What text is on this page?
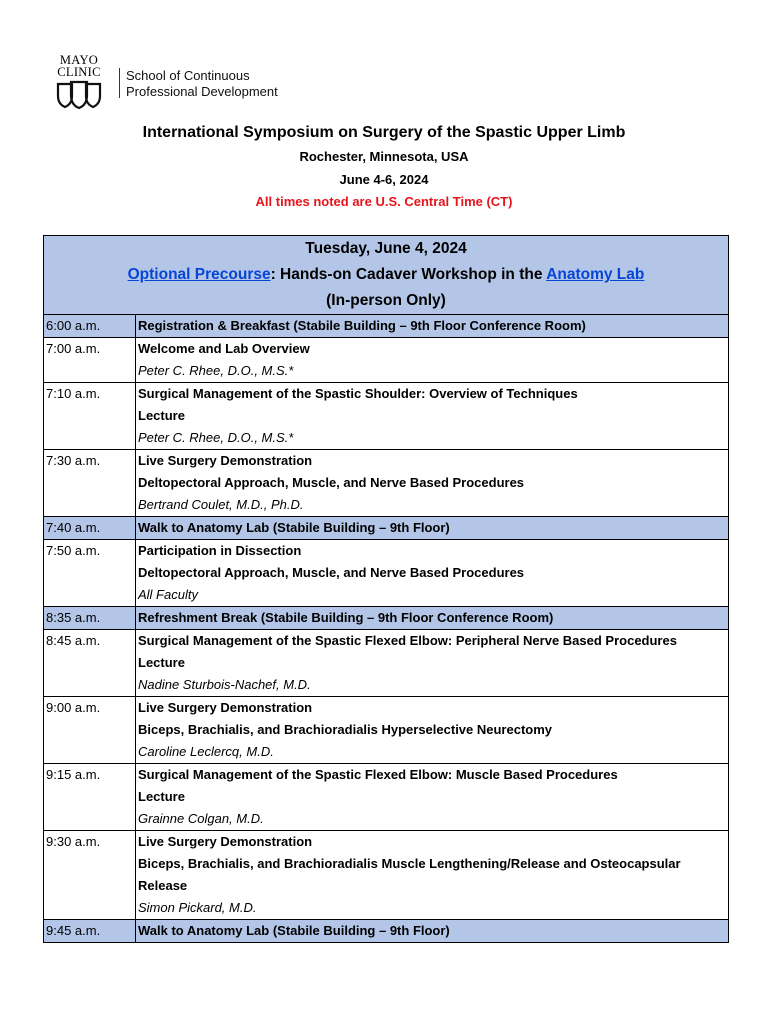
MAYO
CLINIC	School of Continuous
Professional Development
International Symposium on Surgery of the Spastic Upper Limb
Rochester, Minnesota, USA
June 4-6, 2024
All times noted are U.S. Central Time (CT)
Tuesday, June 4, 2024
Optional Precourse: Hands-on Cadaver Workshop in the Anatomy Lab
(In-person Only)	

6:00 a.m.	Registration & Breakfast (Stabile Building – 9th Floor Conference Room)

7:00 a.m.	Welcome and Lab Overview
Peter C. Rhee, D.O., M.S.*

7:10 a.m.	Surgical Management of the Spastic Shoulder: Overview of Techniques
Lecture
Peter C. Rhee, D.O., M.S.*

7:30 a.m.	Live Surgery Demonstration
Deltopectoral Approach, Muscle, and Nerve Based Procedures
Bertrand Coulet, M.D., Ph.D.

7:40 a.m.	Walk to Anatomy Lab (Stabile Building – 9th Floor)

7:50 a.m.	Participation in Dissection
Deltopectoral Approach, Muscle, and Nerve Based Procedures
All Faculty

8:35 a.m.	Refreshment Break (Stabile Building – 9th Floor Conference Room)

8:45 a.m.	Surgical Management of the Spastic Flexed Elbow: Peripheral Nerve Based Procedures
Lecture
Nadine Sturbois-Nachef, M.D.

9:00 a.m.	Live Surgery Demonstration
Biceps, Brachialis, and Brachioradialis Hyperselective Neurectomy
Caroline Leclercq, M.D.

9:15 a.m.	Surgical Management of the Spastic Flexed Elbow: Muscle Based Procedures
Lecture
Grainne Colgan, M.D.

9:30 a.m.	Live Surgery Demonstration
Biceps, Brachialis, and Brachioradialis Muscle Lengthening/Release and Osteocapsular Release
Simon Pickard, M.D.

9:45 a.m.	Walk to Anatomy Lab (Stabile Building – 9th Floor)
